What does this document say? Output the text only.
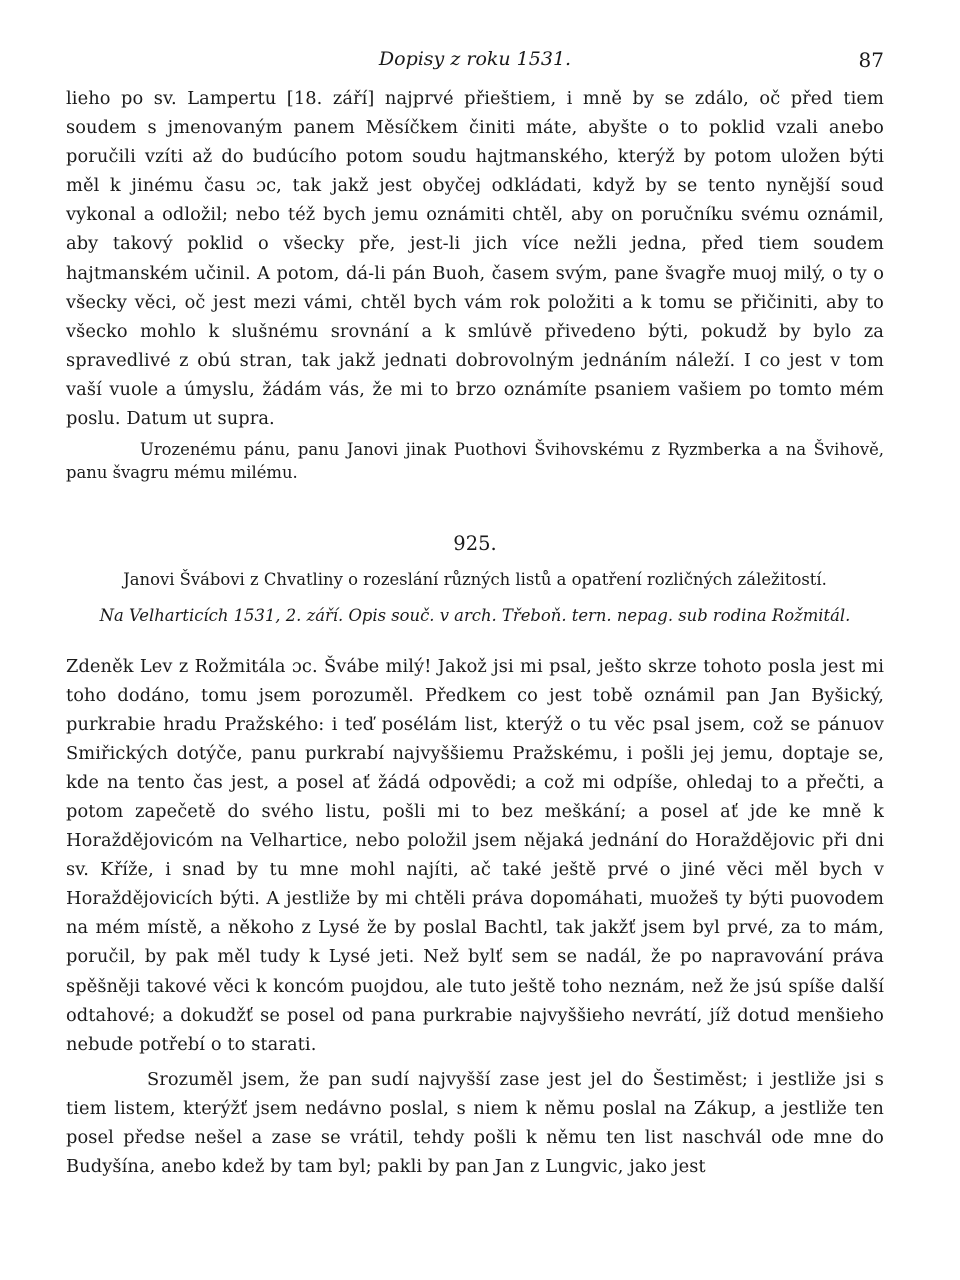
Dopisy z roku 1531.	87

lieho po sv. Lampertu [18. září] najprvé přieštiem, i mně by se zdálo, oč před tiem soudem s jmenovaným panem Měsíčkem činiti máte, abyšte o to poklid vzali anebo poručili vzíti až do budúcího potom soudu hajtmanského, kterýž by potom uložen býti měl k jinému času ɔc, tak jakž jest obyčej odkládati, když by se tento nynější soud vykonal a odložil; nebo též bych jemu oznámiti chtěl, aby on poručníku svému oznámil, aby takový poklid o všecky pře, jest-li jich více nežli jedna, před tiem soudem hajtmanském učinil. A potom, dá-li pán Buoh, časem svým, pane švagře muoj milý, o ty o všecky věci, oč jest mezi vámi, chtěl bych vám rok položiti a k tomu se přičiniti, aby to všecko mohlo k slušnému srovnání a k smlúvě přivedeno býti, pokudž by bylo za spravedlivé z obú stran, tak jakž jednati dobrovolným jednáním náleží. I co jest v tom vaší vuole a úmyslu, žádám vás, že mi to brzo oznámíte psaniem vašiem po tomto mém poslu. Datum ut supra.

Urozenému pánu, panu Janovi jinak Puothovi Švihovskému z Ryzmberka a na Švihově, panu švagru mému milému.

925.

Janovi Švábovi z Chvatliny o rozeslání různých listů a opatření rozličných záležitostí.

Na Velharticích 1531, 2. září. Opis souč. v arch. Třeboň. tern. nepag. sub rodina Rožmitál.

Zdeněk Lev z Rožmitála ɔc. Švábe milý! Jakož jsi mi psal, ješto skrze tohoto posla jest mi toho dodáno, tomu jsem porozuměl. Předkem co jest tobě oznámil pan Jan Byšický, purkrabie hradu Pražského: i teď posélám list, kterýž o tu věc psal jsem, což se pánuov Smiřických dotýče, panu purkrabí najvyššiemu Pražskému, i pošli jej jemu, doptaje se, kde na tento čas jest, a posel ať žádá odpovědi; a což mi odpíše, ohledaj to a přečti, a potom zapečetě do svého listu, pošli mi to bez meškání; a posel ať jde ke mně k Horaždějovicóm na Velhartice, nebo položil jsem nějaká jednání do Horaždějovic při dni sv. Kříže, i snad by tu mne mohl najíti, ač také ještě prvé o jiné věci měl bych v Horaždějovicích býti. A jestliže by mi chtěli práva dopomáhati, muožeš ty býti puovodem na mém místě, a někoho z Lysé že by poslal Bachtl, tak jakžť jsem byl prvé, za to mám, poručil, by pak měl tudy k Lysé jeti. Než bylť sem se nadál, že po napravování práva spěšněji takové věci k koncóm puojdou, ale tuto ještě toho neznám, než že jsú spíše další odtahové; a dokudžť se posel od pana purkrabie najvyššieho nevrátí, jíž dotud menšieho nebude potřebí o to starati.

Srozuměl jsem, že pan sudí najvyšší zase jest jel do Šestiměst; i jestliže jsi s tiem listem, kterýžť jsem nedávno poslal, s niem k němu poslal na Zákup, a jestliže ten posel předse nešel a zase se vrátil, tehdy pošli k němu ten list naschvál ode mne do Budyšína, anebo kdež by tam byl; pakli by pan Jan z Lungvic, jako jest
